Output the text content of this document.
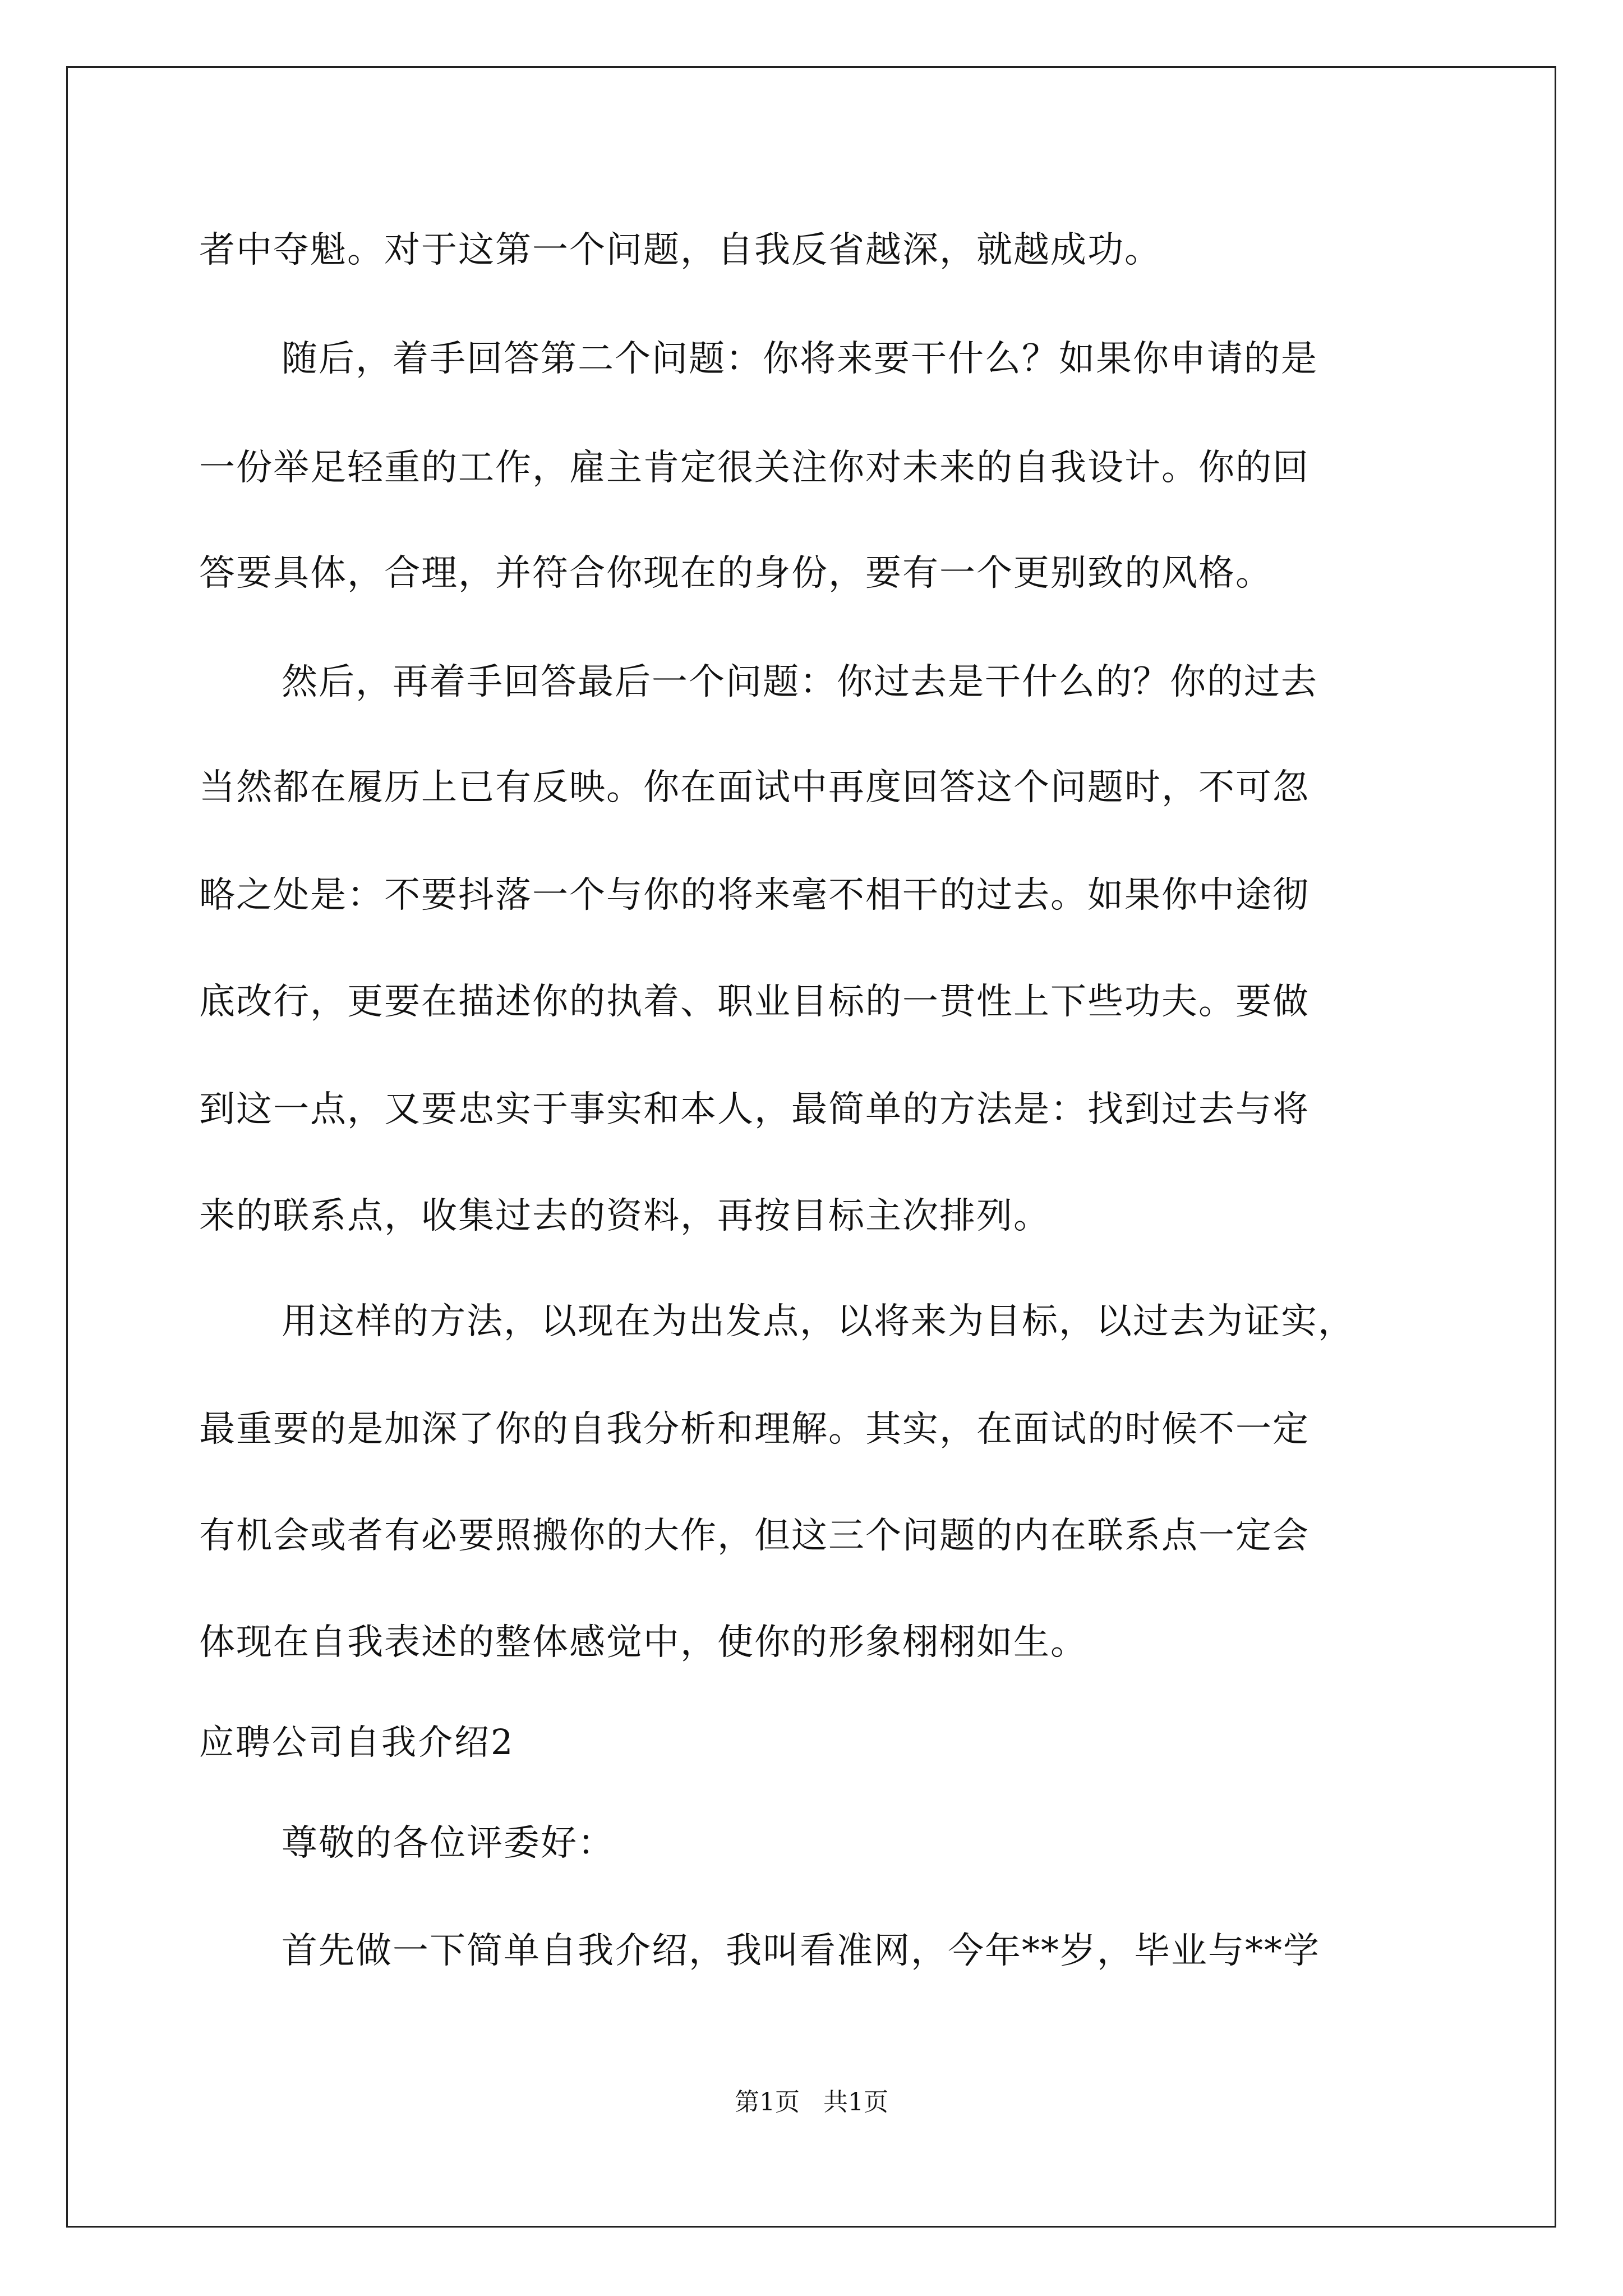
者中夺魁。对于这第一个问题，自我反省越深，就越成功。
随后，着手回答第二个问题：你将来要干什么？如果你申请的是
一份举足轻重的工作，雇主肯定很关注你对未来的自我设计。你的回
答要具体，合理，并符合你现在的身份，要有一个更别致的风格。
然后，再着手回答最后一个问题：你过去是干什么的？你的过去
当然都在履历上已有反映。你在面试中再度回答这个问题时，不可忽
略之处是：不要抖落一个与你的将来毫不相干的过去。如果你中途彻
底改行，更要在描述你的执着、职业目标的一贯性上下些功夫。要做
到这一点，又要忠实于事实和本人，最简单的方法是：找到过去与将
来的联系点，收集过去的资料，再按目标主次排列。
用这样的方法，以现在为出发点，以将来为目标，以过去为证实，
最重要的是加深了你的自我分析和理解。其实，在面试的时候不一定
有机会或者有必要照搬你的大作，但这三个问题的内在联系点一定会
体现在自我表述的整体感觉中，使你的形象栩栩如生。
应聘公司自我介绍2
尊敬的各位评委好：
首先做一下简单自我介绍，我叫看准网，今年**岁，毕业与**学
第1页   共1页
